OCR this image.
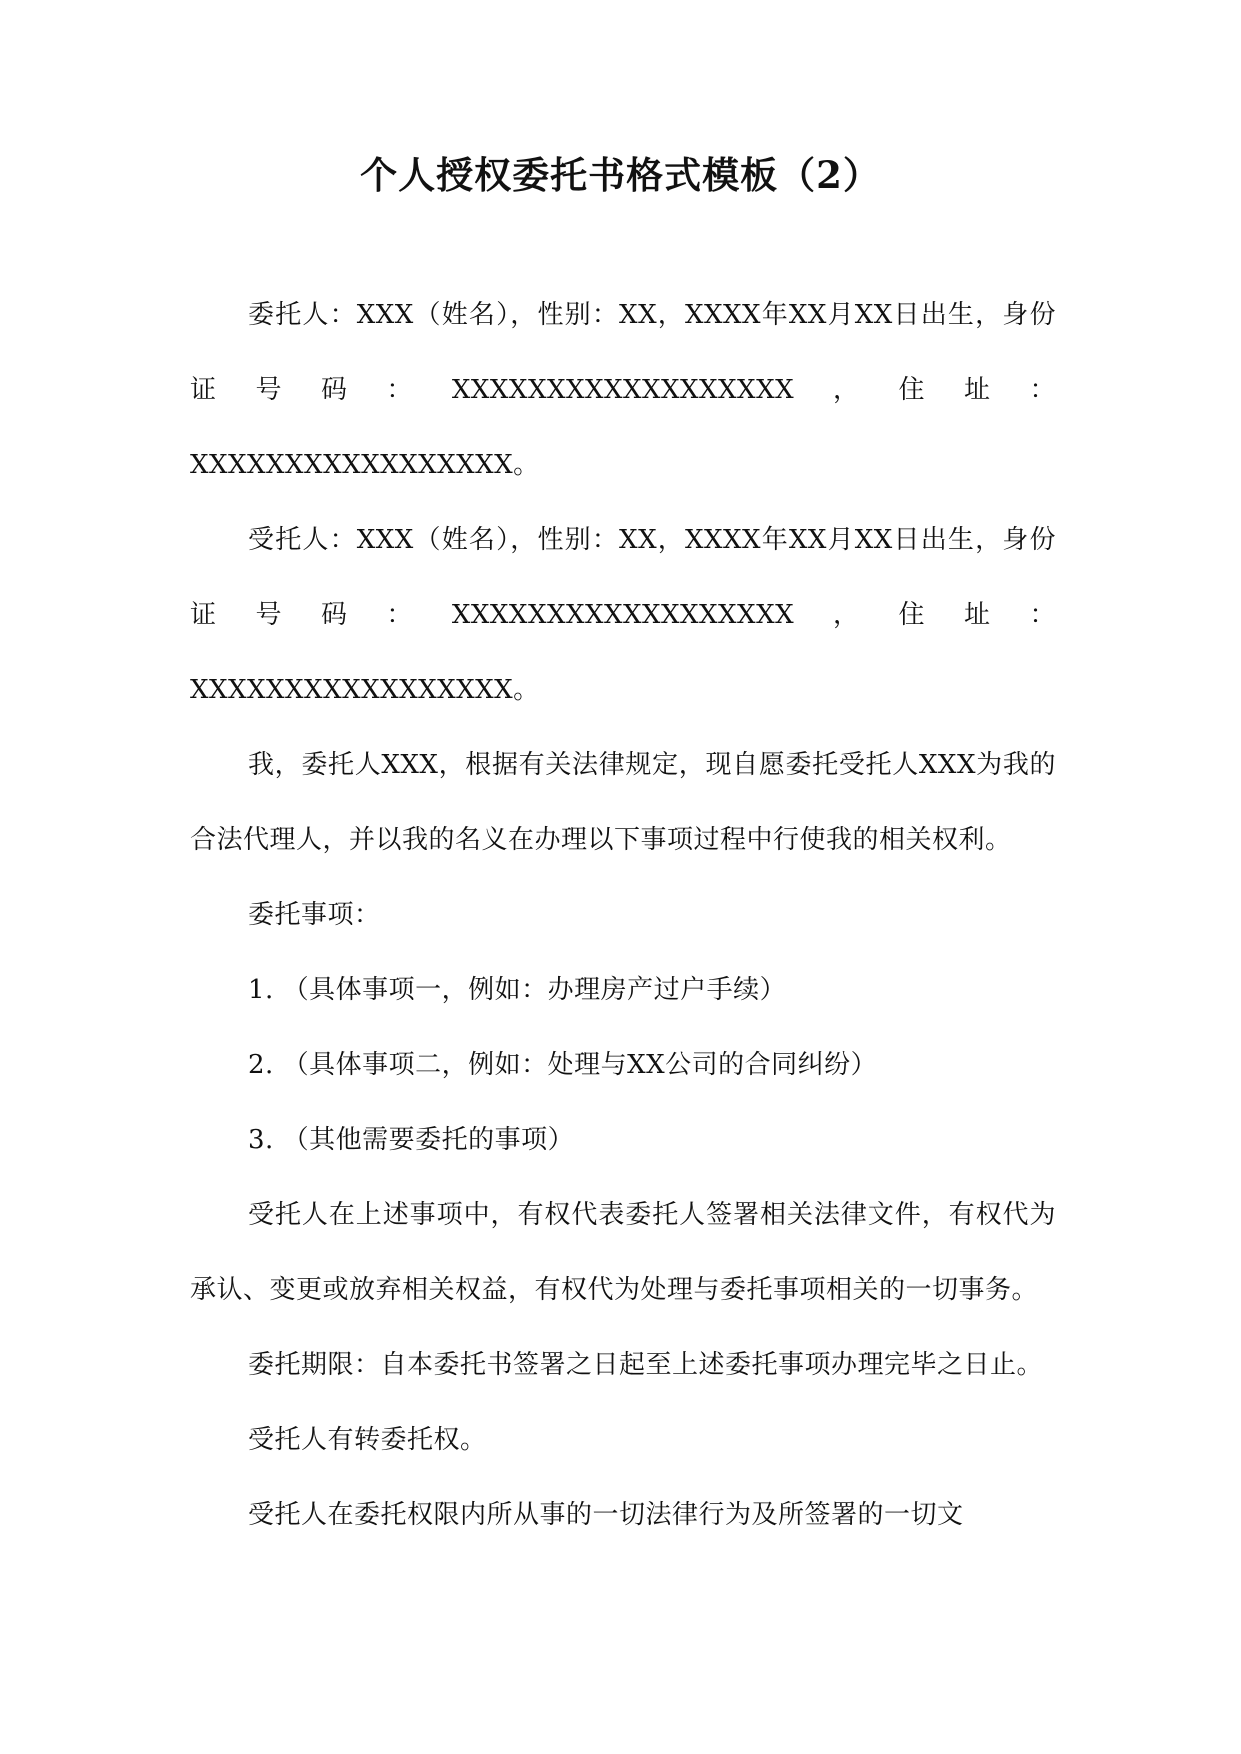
个人授权委托书格式模板（2）

委托人：XXX（姓名），性别：XX，XXXX年XX月XX日出生，身份证号码：XXXXXXXXXXXXXXXXXX，住址：XXXXXXXXXXXXXXXXX。

受托人：XXX（姓名），性别：XX，XXXX年XX月XX日出生，身份证号码：XXXXXXXXXXXXXXXXXX，住址：XXXXXXXXXXXXXXXXX。

我，委托人XXX，根据有关法律规定，现自愿委托受托人XXX为我的合法代理人，并以我的名义在办理以下事项过程中行使我的相关权利。

委托事项：

1. （具体事项一，例如：办理房产过户手续）

2. （具体事项二，例如：处理与XX公司的合同纠纷）

3. （其他需要委托的事项）

受托人在上述事项中，有权代表委托人签署相关法律文件，有权代为承认、变更或放弃相关权益，有权代为处理与委托事项相关的一切事务。

委托期限：自本委托书签署之日起至上述委托事项办理完毕之日止。

受托人有转委托权。

受托人在委托权限内所从事的一切法律行为及所签署的一切文
